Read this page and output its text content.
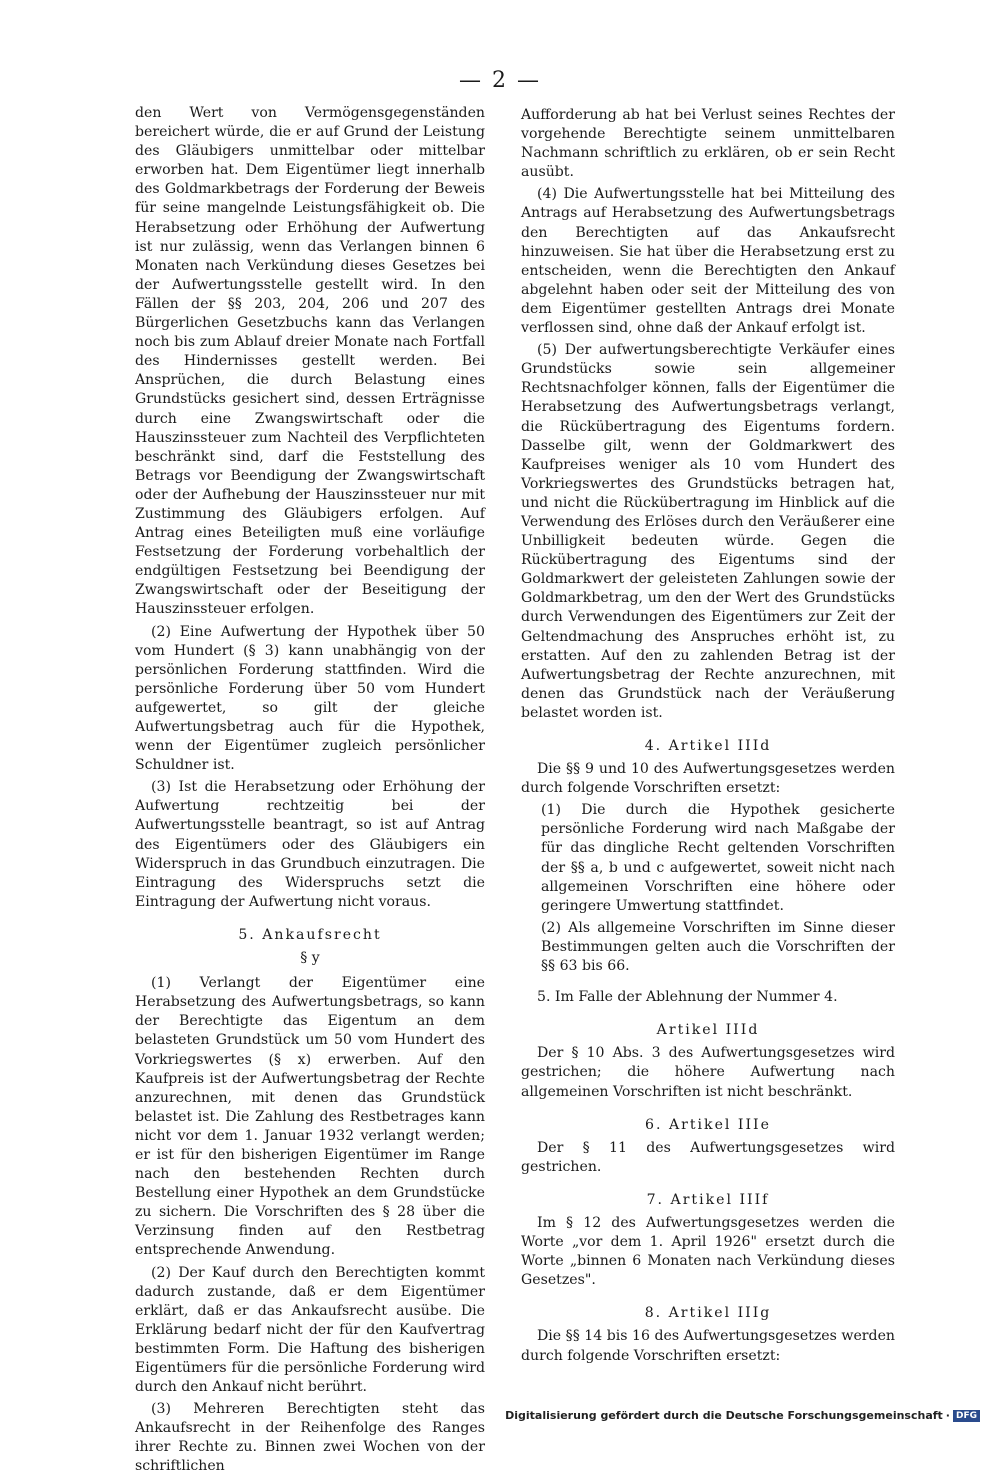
— 2 —

den Wert von Vermögensgegenständen bereichert würde, die er auf Grund der Leistung des Gläubigers unmittelbar oder mittelbar erworben hat. Dem Eigentümer liegt innerhalb des Goldmarkbetrags der Forderung der Beweis für seine mangelnde Leistungsfähigkeit ob. Die Herabsetzung oder Erhöhung der Aufwertung ist nur zulässig, wenn das Verlangen binnen 6 Monaten nach Verkündung dieses Gesetzes bei der Aufwertungsstelle gestellt wird. In den Fällen der §§ 203, 204, 206 und 207 des Bürgerlichen Gesetzbuchs kann das Verlangen noch bis zum Ablauf dreier Monate nach Fortfall des Hindernisses gestellt werden. Bei Ansprüchen, die durch Belastung eines Grundstücks gesichert sind, dessen Erträgnisse durch eine Zwangswirtschaft oder die Hauszinssteuer zum Nachteil des Verpflichteten beschränkt sind, darf die Feststellung des Betrags vor Beendigung der Zwangswirtschaft oder der Aufhebung der Hauszinssteuer nur mit Zustimmung des Gläubigers erfolgen. Auf Antrag eines Beteiligten muß eine vorläufige Festsetzung der Forderung vorbehaltlich der endgültigen Festsetzung bei Beendigung der Zwangswirtschaft oder der Beseitigung der Hauszinssteuer erfolgen.

(2) Eine Aufwertung der Hypothek über 50 vom Hundert (§ 3) kann unabhängig von der persönlichen Forderung stattfinden. Wird die persönliche Forderung über 50 vom Hundert aufgewertet, so gilt der gleiche Aufwertungsbetrag auch für die Hypothek, wenn der Eigentümer zugleich persönlicher Schuldner ist.

(3) Ist die Herabsetzung oder Erhöhung der Aufwertung rechtzeitig bei der Aufwertungsstelle beantragt, so ist auf Antrag des Eigentümers oder des Gläubigers ein Widerspruch in das Grundbuch einzutragen. Die Eintragung des Widerspruchs setzt die Eintragung der Aufwertung nicht voraus.

5. Ankaufsrecht

§ y

(1) Verlangt der Eigentümer eine Herabsetzung des Aufwertungsbetrags, so kann der Berechtigte das Eigentum an dem belasteten Grundstück um 50 vom Hundert des Vorkriegswertes (§ x) erwerben. Auf den Kaufpreis ist der Aufwertungsbetrag der Rechte anzurechnen, mit denen das Grundstück belastet ist. Die Zahlung des Restbetrages kann nicht vor dem 1. Januar 1932 verlangt werden; er ist für den bisherigen Eigentümer im Range nach den bestehenden Rechten durch Bestellung einer Hypothek an dem Grundstücke zu sichern. Die Vorschriften des § 28 über die Verzinsung finden auf den Restbetrag entsprechende Anwendung.

(2) Der Kauf durch den Berechtigten kommt dadurch zustande, daß er dem Eigentümer erklärt, daß er das Ankaufsrecht ausübe. Die Erklärung bedarf nicht der für den Kaufvertrag bestimmten Form. Die Haftung des bisherigen Eigentümers für die persönliche Forderung wird durch den Ankauf nicht berührt.

(3) Mehreren Berechtigten steht das Ankaufsrecht in der Reihenfolge des Ranges ihrer Rechte zu. Binnen zwei Wochen von der schriftlichen

Aufforderung ab hat bei Verlust seines Rechtes der vorgehende Berechtigte seinem unmittelbaren Nachmann schriftlich zu erklären, ob er sein Recht ausübt.

(4) Die Aufwertungsstelle hat bei Mitteilung des Antrags auf Herabsetzung des Aufwertungsbetrags den Berechtigten auf das Ankaufsrecht hinzuweisen. Sie hat über die Herabsetzung erst zu entscheiden, wenn die Berechtigten den Ankauf abgelehnt haben oder seit der Mitteilung des von dem Eigentümer gestellten Antrags drei Monate verflossen sind, ohne daß der Ankauf erfolgt ist.

(5) Der aufwertungsberechtigte Verkäufer eines Grundstücks sowie sein allgemeiner Rechtsnachfolger können, falls der Eigentümer die Herabsetzung des Aufwertungsbetrags verlangt, die Rückübertragung des Eigentums fordern. Dasselbe gilt, wenn der Goldmarkwert des Kaufpreises weniger als 10 vom Hundert des Vorkriegswertes des Grundstücks betragen hat, und nicht die Rückübertragung im Hinblick auf die Verwendung des Erlöses durch den Veräußerer eine Unbilligkeit bedeuten würde. Gegen die Rückübertragung des Eigentums sind der Goldmarkwert der geleisteten Zahlungen sowie der Goldmarkbetrag, um den der Wert des Grundstücks durch Verwendungen des Eigentümers zur Zeit der Geltendmachung des Anspruches erhöht ist, zu erstatten. Auf den zu zahlenden Betrag ist der Aufwertungsbetrag der Rechte anzurechnen, mit denen das Grundstück nach der Veräußerung belastet worden ist.

4. Artikel IIId

Die §§ 9 und 10 des Aufwertungsgesetzes werden durch folgende Vorschriften ersetzt:

(1) Die durch die Hypothek gesicherte persönliche Forderung wird nach Maßgabe der für das dingliche Recht geltenden Vorschriften der §§ a, b und c aufgewertet, soweit nicht nach allgemeinen Vorschriften eine höhere oder geringere Umwertung stattfindet.

(2) Als allgemeine Vorschriften im Sinne dieser Bestimmungen gelten auch die Vorschriften der §§ 63 bis 66.

5. Im Falle der Ablehnung der Nummer 4.

Artikel IIId

Der § 10 Abs. 3 des Aufwertungsgesetzes wird gestrichen; die höhere Aufwertung nach allgemeinen Vorschriften ist nicht beschränkt.

6. Artikel IIIe

Der § 11 des Aufwertungsgesetzes wird gestrichen.

7. Artikel IIIf

Im § 12 des Aufwertungsgesetzes werden die Worte „vor dem 1. April 1926" ersetzt durch die Worte „binnen 6 Monaten nach Verkündung dieses Gesetzes".

8. Artikel IIIg

Die §§ 14 bis 16 des Aufwertungsgesetzes werden durch folgende Vorschriften ersetzt:

Digitalisierung gefördert durch die Deutsche Forschungsgemeinschaft · DFG
